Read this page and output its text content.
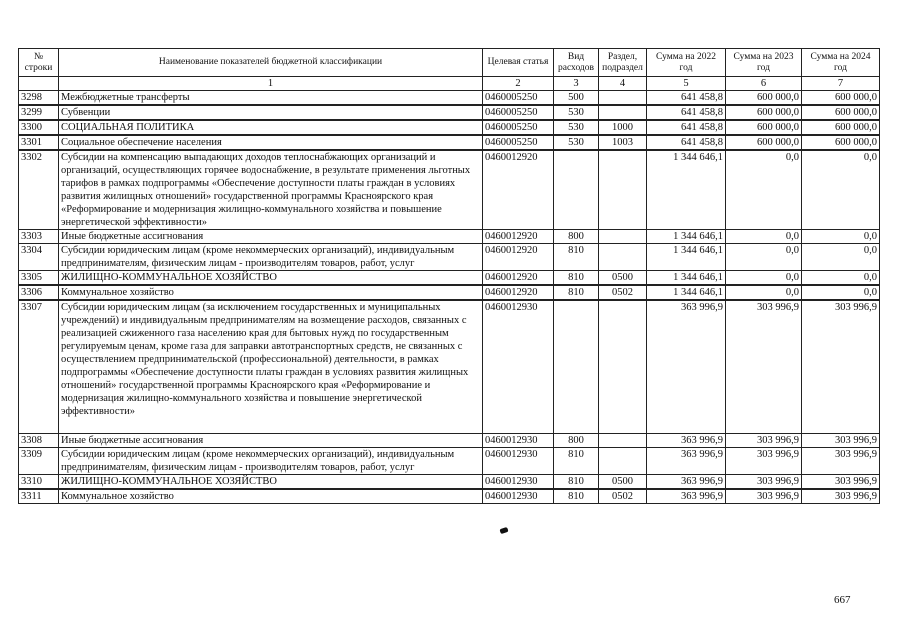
№ строки	Наименование показателей бюджетной классификации	Целевая статья	Вид расходов	Раздел, подраздел	Сумма на 2022 год	Сумма на 2023 год	Сумма на 2024 год
	1	2	3	4	5	6	7
3298	Межбюджетные трансферты	0460005250	500		641 458,8	600 000,0	600 000,0
3299	Субвенции	0460005250	530		641 458,8	600 000,0	600 000,0
3300	СОЦИАЛЬНАЯ ПОЛИТИКА	0460005250	530	1000	641 458,8	600 000,0	600 000,0
3301	Социальное обеспечение населения	0460005250	530	1003	641 458,8	600 000,0	600 000,0
3302	Субсидии на компенсацию выпадающих доходов теплоснабжающих организаций и организаций, осуществляющих горячее водоснабжение, в результате применения льготных тарифов в рамках подпрограммы «Обеспечение доступности платы граждан в условиях развития жилищных отношений» государственной программы Красноярского края «Реформирование и модернизация жилищно-коммунального хозяйства и повышение энергетической эффективности»	0460012920			1 344 646,1	0,0	0,0
3303	Иные бюджетные ассигнования	0460012920	800		1 344 646,1	0,0	0,0
3304	Субсидии юридическим лицам (кроме некоммерческих организаций), индивидуальным предпринимателям, физическим лицам - производителям товаров, работ, услуг	0460012920	810		1 344 646,1	0,0	0,0
3305	ЖИЛИЩНО-КОММУНАЛЬНОЕ ХОЗЯЙСТВО	0460012920	810	0500	1 344 646,1	0,0	0,0
3306	Коммунальное хозяйство	0460012920	810	0502	1 344 646,1	0,0	0,0
3307	Субсидии юридическим лицам (за исключением государственных и муниципальных учреждений) и индивидуальным предпринимателям на возмещение расходов, связанных с реализацией сжиженного газа населению края для бытовых нужд по государственным регулируемым ценам, кроме газа для заправки автотранспортных средств, не связанных с осуществлением предпринимательской (профессиональной) деятельности, в рамках подпрограммы «Обеспечение доступности платы граждан в условиях развития жилищных отношений» государственной программы Красноярского края «Реформирование и модернизация жилищно-коммунального хозяйства и повышение энергетической эффективности»	0460012930			363 996,9	303 996,9	303 996,9
3308	Иные бюджетные ассигнования	0460012930	800		363 996,9	303 996,9	303 996,9
3309	Субсидии юридическим лицам (кроме некоммерческих организаций), индивидуальным предпринимателям, физическим лицам - производителям товаров, работ, услуг	0460012930	810		363 996,9	303 996,9	303 996,9
3310	ЖИЛИЩНО-КОММУНАЛЬНОЕ ХОЗЯЙСТВО	0460012930	810	0500	363 996,9	303 996,9	303 996,9
3311	Коммунальное хозяйство	0460012930	810	0502	363 996,9	303 996,9	303 996,9
667
